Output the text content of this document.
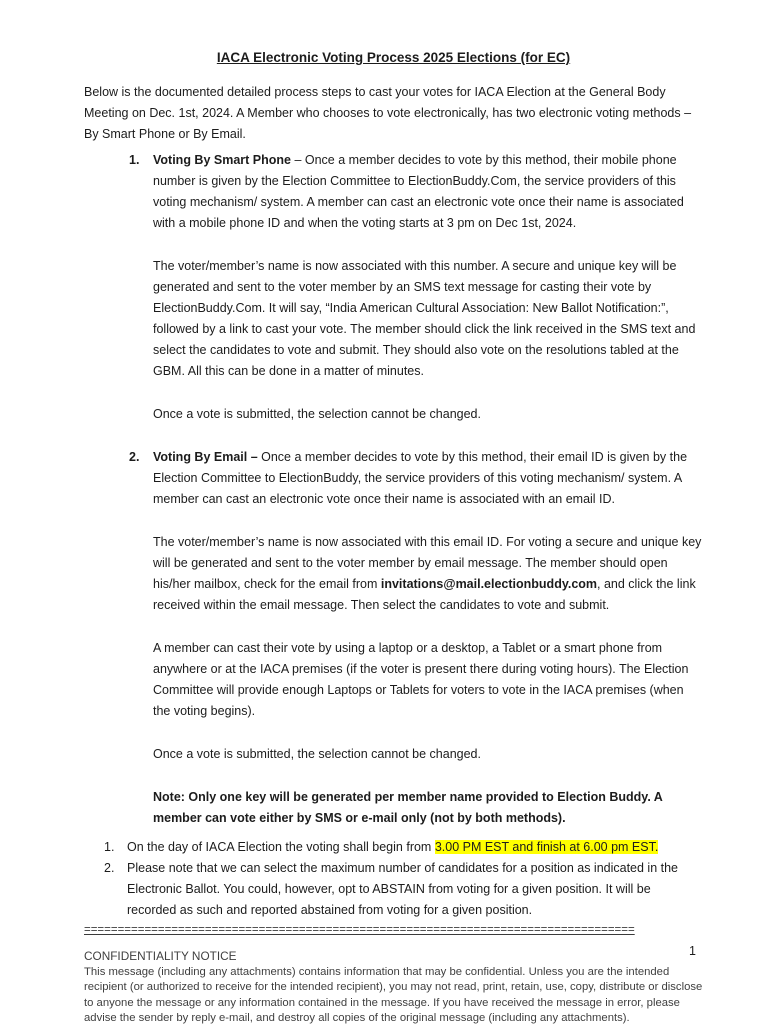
IACA Electronic Voting Process 2025 Elections (for EC)

Below is the documented detailed process steps to cast your votes for IACA Election at the General Body Meeting on Dec. 1st, 2024. A Member who chooses to vote electronically, has two electronic voting methods – By Smart Phone or By Email.

1.	Voting By Smart Phone – Once a member decides to vote by this method, their mobile phone number is given by the Election Committee to ElectionBuddy.Com, the service providers of this voting mechanism/ system. A member can cast an electronic vote once their name is associated with a mobile phone ID and when the voting starts at 3 pm on Dec 1st, 2024.

The voter/member’s name is now associated with this number. A secure and unique key will be generated and sent to the voter member by an SMS text message for casting their vote by ElectionBuddy.Com. It will say, “India American Cultural Association: New Ballot Notification:”, followed by a link to cast your vote. The member should click the link received in the SMS text and select the candidates to vote and submit. They should also vote on the resolutions tabled at the GBM. All this can be done in a matter of minutes.

Once a vote is submitted, the selection cannot be changed.

2.	Voting By Email – Once a member decides to vote by this method, their email ID is given by the Election Committee to ElectionBuddy, the service providers of this voting mechanism/ system. A member can cast an electronic vote once their name is associated with an email ID.

The voter/member’s name is now associated with this email ID. For voting a secure and unique key will be generated and sent to the voter member by email message. The member should open his/her mailbox, check for the email from invitations@mail.electionbuddy.com, and click the link received within the email message. Then select the candidates to vote and submit.

A member can cast their vote by using a laptop or a desktop, a Tablet or a smart phone from anywhere or at the IACA premises (if the voter is present there during voting hours). The Election Committee will provide enough Laptops or Tablets for voters to vote in the IACA premises (when the voting begins).

Once a vote is submitted, the selection cannot be changed.

Note: Only one key will be generated per member name provided to Election Buddy. A member can vote either by SMS or e-mail only (not by both methods).

1.	On the day of IACA Election the voting shall begin from 3.00 PM EST and finish at 6.00 pm EST.

2.	Please note that we can select the maximum number of candidates for a position as indicated in the Electronic Ballot. You could, however, opt to ABSTAIN from voting for a given position. It will be recorded as such and reported abstained from voting for a given position.

==================================================================================
CONFIDENTIALITY NOTICE

This message (including any attachments) contains information that may be confidential. Unless you are the intended recipient (or authorized to receive for the intended recipient), you may not read, print, retain, use, copy, distribute or disclose to anyone the message or any information contained in the message. If you have received the message in error, please advise the sender by reply e-mail, and destroy all copies of the original message (including any attachments).

1
